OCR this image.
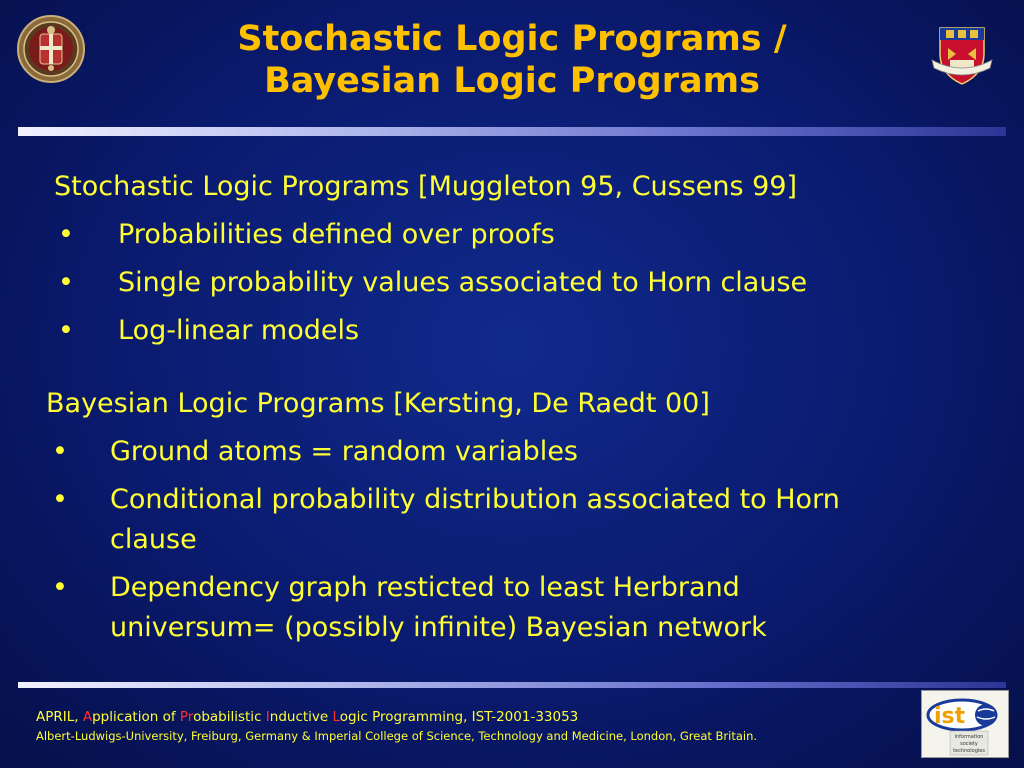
Stochastic Logic Programs /
Bayesian Logic Programs
Stochastic Logic Programs [Muggleton 95, Cussens 99]
•	Probabilities defined over proofs
•	Single probability values associated to Horn clause
•	Log-linear models
Bayesian Logic Programs [Kersting, De Raedt 00]
•	Ground atoms = random variables
•	Conditional probability distribution associated to Horn clause
•	Dependency graph resticted to least Herbrand universum= (possibly infinite) Bayesian network
APRIL, Application of Probabilistic Inductive Logic Programming, IST-2001-33053
Albert-Ludwigs-University, Freiburg, Germany & Imperial College of Science, Technology and Medicine, London, Great Britain.
ist
information
society
technologies
